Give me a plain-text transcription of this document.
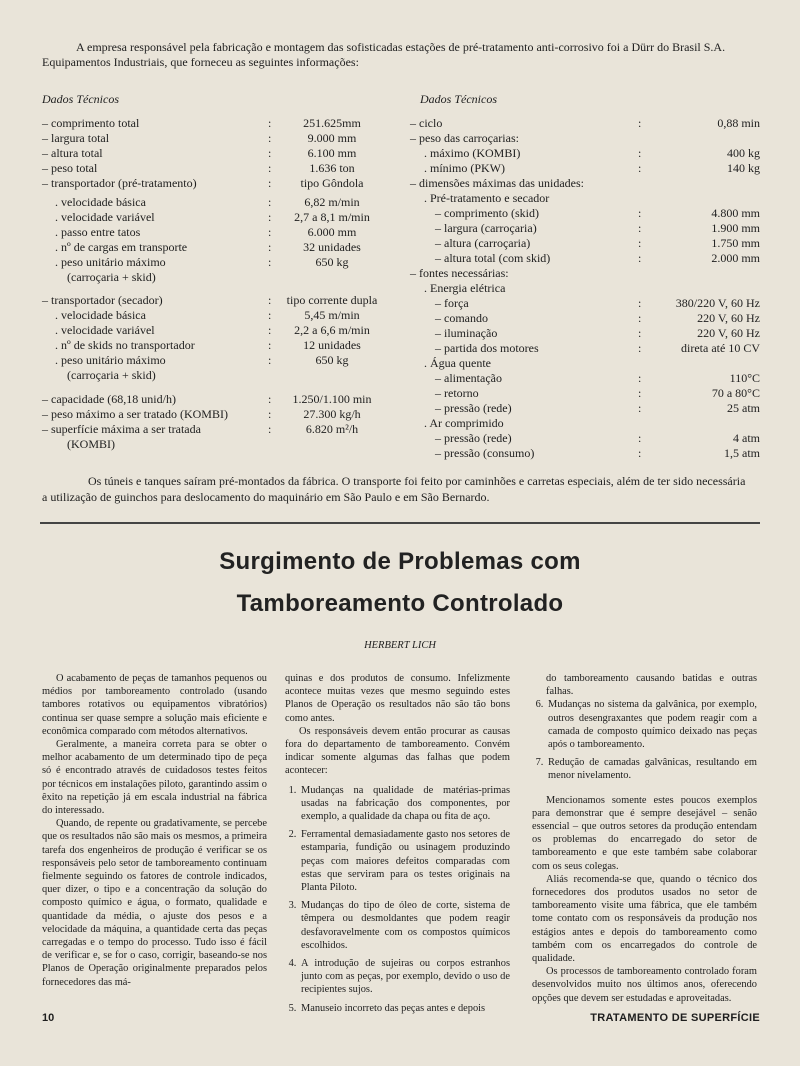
A empresa responsável pela fabricação e montagem das sofisticadas estações de pré-tratamento anti-corrosivo foi a Dürr do Brasil S.A. Equipamentos Industriais, que forneceu as seguintes informações:

Dados Técnicos

– comprimento total	:	251.625mm
– largura total	:	9.000 mm
– altura total	:	6.100 mm
– peso total	:	1.636 ton
– transportador (pré-tratamento)	:	tipo Gôndola
. velocidade básica	:	6,82 m/min
. velocidade variável	:	2,7 a 8,1 m/min
. passo entre tatos	:	6.000 mm
. nº de cargas em transporte	:	32 unidades
. peso unitário máximo	:	650 kg
(carroçaria + skid)
– transportador (secador)	:	tipo corrente dupla
. velocidade básica	:	5,45 m/min
. velocidade variável	:	2,2 a 6,6 m/min
. nº de skids no transportador	:	12 unidades
. peso unitário máximo	:	650 kg
(carroçaria + skid)
– capacidade (68,18 unid/h)	:	1.250/1.100 min
– peso máximo a ser tratado (KOMBI)	:	27.300 kg/h
– superfície máxima a ser tratada	:	6.820 m²/h
(KOMBI)

Dados Técnicos

– ciclo	:	0,88 min
– peso das carroçarias:
. máximo (KOMBI)	:	400 kg
. mínimo (PKW)	:	140 kg
– dimensões máximas das unidades:
. Pré-tratamento e secador
– comprimento (skid)	:	4.800 mm
– largura (carroçaria)	:	1.900 mm
– altura (carroçaria)	:	1.750 mm
– altura total (com skid)	:	2.000 mm
– fontes necessárias:
. Energia elétrica
– força	:	380/220 V, 60 Hz
– comando	:	220 V, 60 Hz
– iluminação	:	220 V, 60 Hz
– partida dos motores	:	direta até 10 CV
. Água quente
– alimentação	:	110°C
– retorno	:	70 a 80°C
– pressão (rede)	:	25 atm
. Ar comprimido
– pressão (rede)	:	4 atm
– pressão (consumo)	:	1,5 atm

Os túneis e tanques saíram pré-montados da fábrica. O transporte foi feito por caminhões e carretas especiais, além de ter sido necessária a utilização de guinchos para deslocamento do maquinário em São Paulo e em São Bernardo.

Surgimento de Problemas com
Tamboreamento Controlado

HERBERT LICH

O acabamento de peças de tamanhos pequenos ou médios por tamboreamento controlado (usando tambores rotativos ou equipamentos vibratórios) continua ser quase sempre a solução mais eficiente e econômica comparado com métodos alternativos.

Geralmente, a maneira correta para se obter o melhor acabamento de um determinado tipo de peça só é encontrado através de cuidadosos testes feitos por técnicos em instalações piloto, garantindo assim o êxito na repetição já em escala industrial na fábrica do interessado.

Quando, de repente ou gradativamente, se percebe que os resultados não são mais os mesmos, a primeira tarefa dos engenheiros de produção é verificar se os responsáveis pelo setor de tamboreamento continuam fielmente seguindo os fatores de controle indicados, quer dizer, o tipo e a concentração da solução do composto químico e água, o formato, qualidade e quantidade da média, o ajuste dos pesos e a velocidade da máquina, a quantidade certa das peças carregadas e o tempo do processo. Tudo isso é fácil de verificar e, se for o caso, corrigir, baseando-se nos Planos de Operação originalmente preparados pelos fornecedores das má-

quinas e dos produtos de consumo. Infelizmente acontece muitas vezes que mesmo seguindo estes Planos de Operação os resultados não são tão bons como antes.

Os responsáveis devem então procurar as causas fora do departamento de tamboreamento. Convém indicar somente algumas das falhas que podem acontecer:

1. Mudanças na qualidade de matérias-primas usadas na fabricação dos componentes, por exemplo, a qualidade da chapa ou fita de aço.
2. Ferramental demasiadamente gasto nos setores de estamparia, fundição ou usinagem produzindo peças com maiores defeitos comparadas com estas que serviram para os testes originais na Planta Piloto.
3. Mudanças do tipo de óleo de corte, sistema de têmpera ou desmoldantes que podem reagir desfavoravelmente com os compostos químicos escolhidos.
4. A introdução de sujeiras ou corpos estranhos junto com as peças, por exemplo, devido o uso de recipientes sujos.
5. Manuseio incorreto das peças antes e depois

do tamboreamento causando batidas e outras falhas.

6. Mudanças no sistema da galvânica, por exemplo, outros desengraxantes que podem reagir com a camada de composto químico deixado nas peças após o tamboreamento.
7. Redução de camadas galvânicas, resultando em menor nivelamento.

Mencionamos somente estes poucos exemplos para demonstrar que é sempre desejável – senão essencial – que outros setores da produção entendam os problemas do encarregado do setor de tamboreamento e que este também sabe colaborar com os seus colegas.

Aliás recomenda-se que, quando o técnico dos fornecedores dos produtos usados no setor de tamboreamento visite uma fábrica, que ele também tome contato com os responsáveis da produção nos estágios antes e depois do tamboreamento como também com os encarregados do controle de qualidade.

Os processos de tamboreamento controlado foram desenvolvidos muito nos últimos anos, oferecendo opções que devem ser estudadas e aproveitadas.

10	TRATAMENTO DE SUPERFÍCIE
